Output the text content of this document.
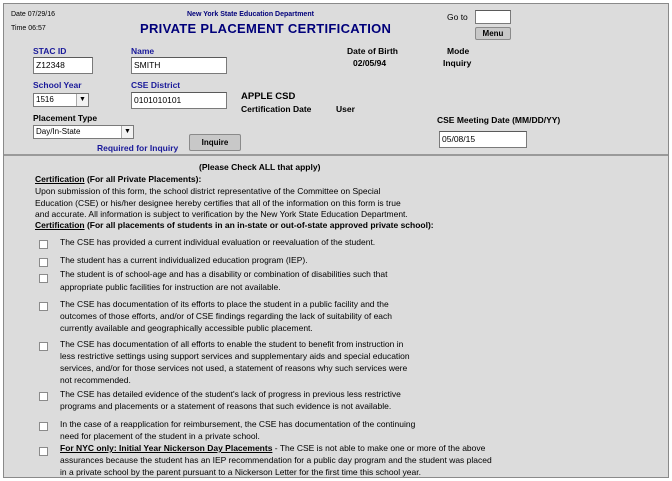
Date 07/29/16
Time 06:57
New York State Education Department
PRIVATE PLACEMENT CERTIFICATION
Go to
Menu
STAC ID
Z12348
Name
SMITH
Date of Birth
02/05/94
Mode
Inquiry
School Year
1516	▼
CSE District
0101010101	APPLE CSD
Certification Date	User
Placement Type
Day/In-State	▼
Required for Inquiry
Inquire
CSE Meeting Date (MM/DD/YY)
05/08/15
(Please Check ALL that apply)
Certification (For all Private Placements):
Upon submission of this form, the school district representative of the Committee on Special
Education (CSE) or his/her designee hereby certifies that all of the information on this form is true
and accurate. All information is subject to verification by the New York State Education Department.
Certification (For all placements of students in an in-state or out-of-state approved private school):
The CSE has provided a current individual evaluation or reevaluation of the student.
The student has a current individualized education program (IEP).
The student is of school-age and has a disability or combination of disabilities such that
appropriate public facilities for instruction are not available.
The CSE has documentation of its efforts to place the student in a public facility and the
outcomes of those efforts, and/or of CSE findings regarding the lack of suitability of each
currently available and geographically accessible public placement.
The CSE has documentation of all efforts to enable the student to benefit from instruction in
less restrictive settings using support services and supplementary aids and special education
services, and/or for those services not used, a statement of reasons why such services were
not recommended.
The CSE has detailed evidence of the student's lack of progress in previous less restrictive
programs and placements or a statement of reasons that such evidence is not available.
In the case of a reapplication for reimbursement, the CSE has documentation of the continuing
need for placement of the student in a private school.
For NYC only: Initial Year Nickerson Day Placements - The CSE is not able to make one or more of the above
assurances because the student has an IEP recommendation for a public day program and the student was placed
in a private school by the parent pursuant to a Nickerson Letter for the first time this school year.
